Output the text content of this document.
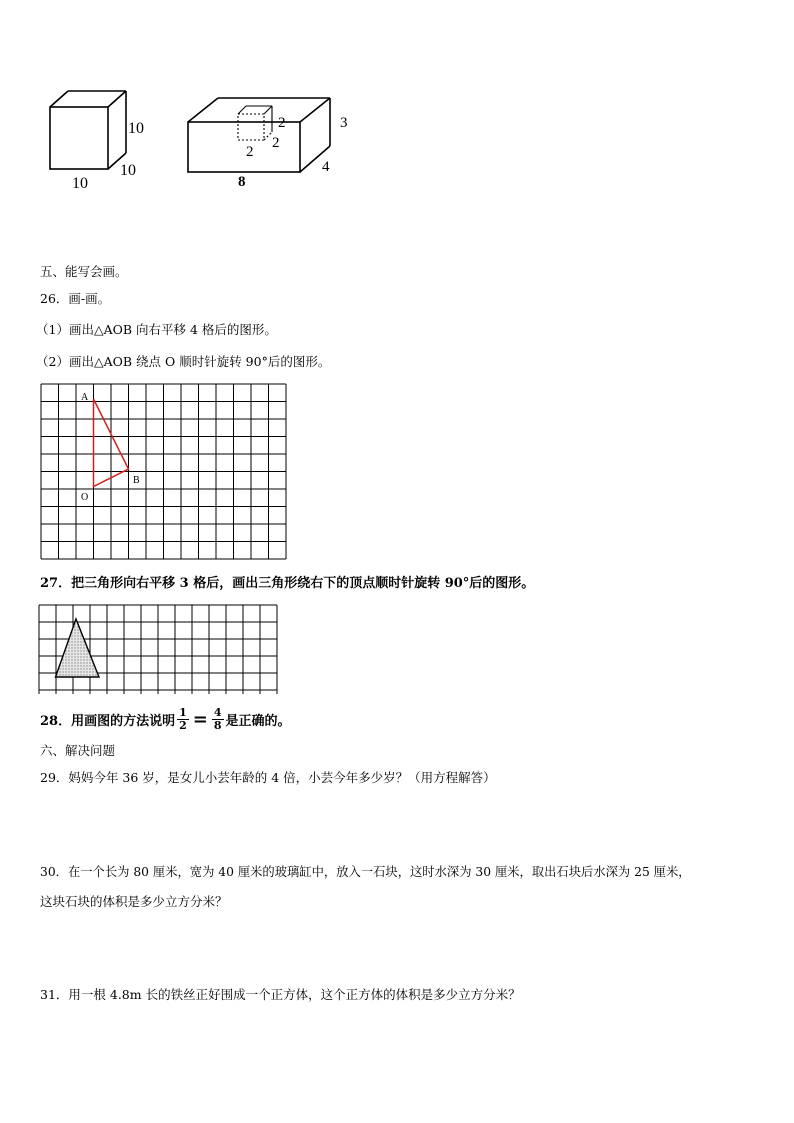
10
10
10
2
2
2
3
4
8
五、能写会画。
26．画-画。
（1）画出△AOB 向右平移 4 格后的图形。
（2）画出△AOB 绕点 O 顺时针旋转 90°后的图形。
A
B
O
27．把三角形向右平移 3 格后，画出三角形绕右下的顶点顺时针旋转 90°后的图形。
28．用画图的方法说明 $\frac{1}{2} = \frac{4}{8}$ 是正确的。
六、解决问题
29．妈妈今年 36 岁，是女儿小芸年龄的 4 倍，小芸今年多少岁？（用方程解答）
30．在一个长为 80 厘米，宽为 40 厘米的玻璃缸中，放入一石块，这时水深为 30 厘米，取出石块后水深为 25 厘米，
这块石块的体积是多少立方分米？
31．用一根 4.8m 长的铁丝正好围成一个正方体，这个正方体的体积是多少立方分米？
